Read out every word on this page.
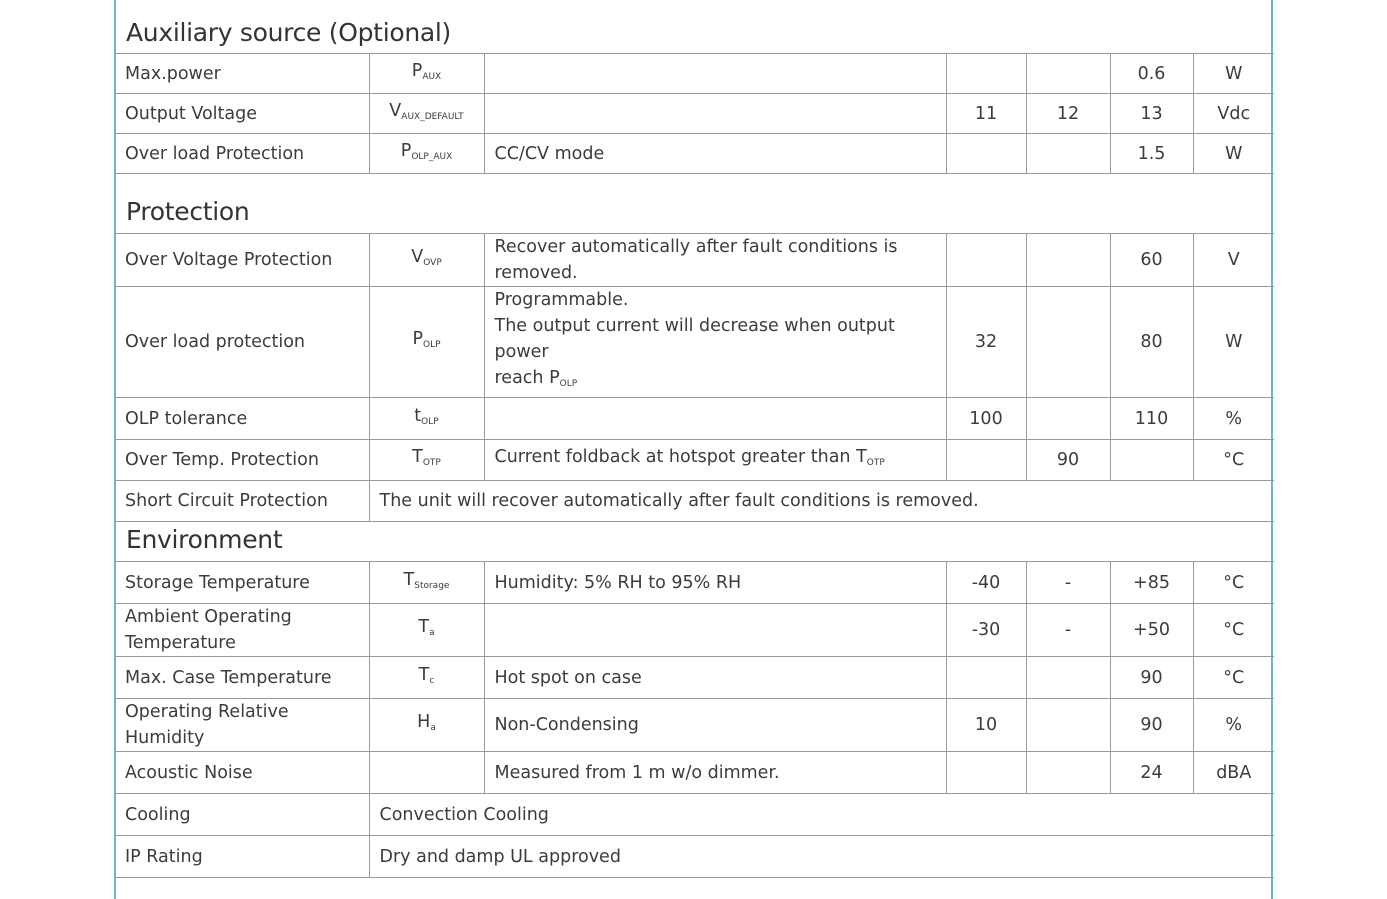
Auxiliary source (Optional)
Max.power	$P_{AUX}$				0.6	W
Output Voltage	$V_{AUX\_DEFAULT}$		11	12	13	Vdc
Over load Protection	$P_{OLP\_AUX}$	CC/CV mode			1.5	W
Protection
Over Voltage Protection	$V_{OVP}$	Recover automatically after fault conditions is removed.			60	V
Over load protection	$P_{OLP}$	Programmable.
The output current will decrease when output power
reach $P_{OLP}$	32		80	W
OLP tolerance	$t_{OLP}$		100		110	%
Over Temp. Protection	$T_{OTP}$	Current foldback at hotspot greater than $T_{OTP}$		90		°C
Short Circuit Protection	The unit will recover automatically after fault conditions is removed.					
Environment
Storage Temperature	$T_{Storage}$	Humidity: 5% RH to 95% RH	-40	-	+85	°C

Ambient Operating
Temperature	$T_a$		-30	-	+50	°C
Max. Case Temperature	$T_c$	Hot spot on case			90	°C
Operating Relative Humidity	$H_a$	Non-Condensing	10		90	%
Acoustic Noise		Measured from 1 m w/o dimmer.			24	dBA
Cooling	Convection Cooling					
IP Rating	Dry and damp UL approved					
